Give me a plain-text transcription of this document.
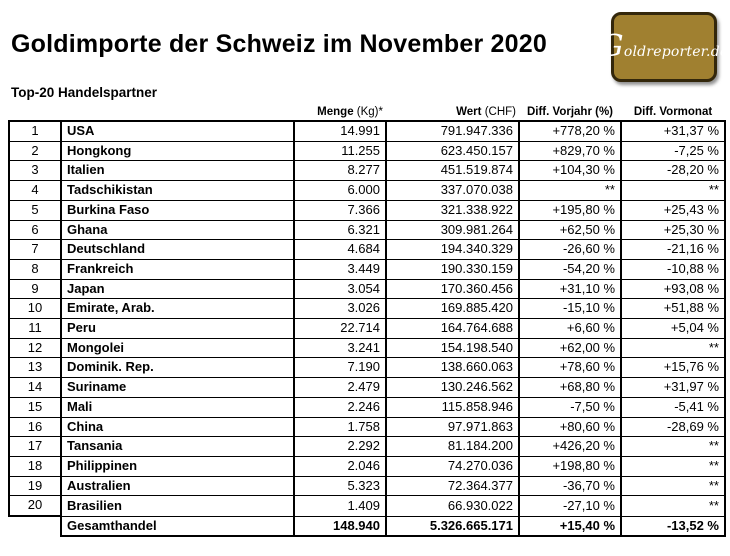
Goldimporte der Schweiz im November 2020 G oldreporter.de
Top-20 Handelspartner
		Menge (Kg)*	Wert (CHF)	Diff. Vorjahr (%)	Diff. Vormonat
1	USA	14.991	791.947.336	+778,20 %	+31,37 %
2	Hongkong	11.255	623.450.157	+829,70 %	-7,25 %
3	Italien	8.277	451.519.874	+104,30 %	-28,20 %
4	Tadschikistan	6.000	337.070.038	**	**
5	Burkina Faso	7.366	321.338.922	+195,80 %	+25,43 %
6	Ghana	6.321	309.981.264	+62,50 %	+25,30 %
7	Deutschland	4.684	194.340.329	-26,60 %	-21,16 %
8	Frankreich	3.449	190.330.159	-54,20 %	-10,88 %
9	Japan	3.054	170.360.456	+31,10 %	+93,08 %
10	Emirate, Arab.	3.026	169.885.420	-15,10 %	+51,88 %
11	Peru	22.714	164.764.688	+6,60 %	+5,04 %
12	Mongolei	3.241	154.198.540	+62,00 %	**
13	Dominik. Rep.	7.190	138.660.063	+78,60 %	+15,76 %
14	Suriname	2.479	130.246.562	+68,80 %	+31,97 %
15	Mali	2.246	115.858.946	-7,50 %	-5,41 %
16	China	1.758	97.971.863	+80,60 %	-28,69 %
17	Tansania	2.292	81.184.200	+426,20 %	**
18	Philippinen	2.046	74.270.036	+198,80 %	**
19	Australien	5.323	72.364.377	-36,70 %	**
20	Brasilien	1.409	66.930.022	-27,10 %	**
	Gesamthandel	148.940	5.326.665.171	+15,40 %	-13,52 %
